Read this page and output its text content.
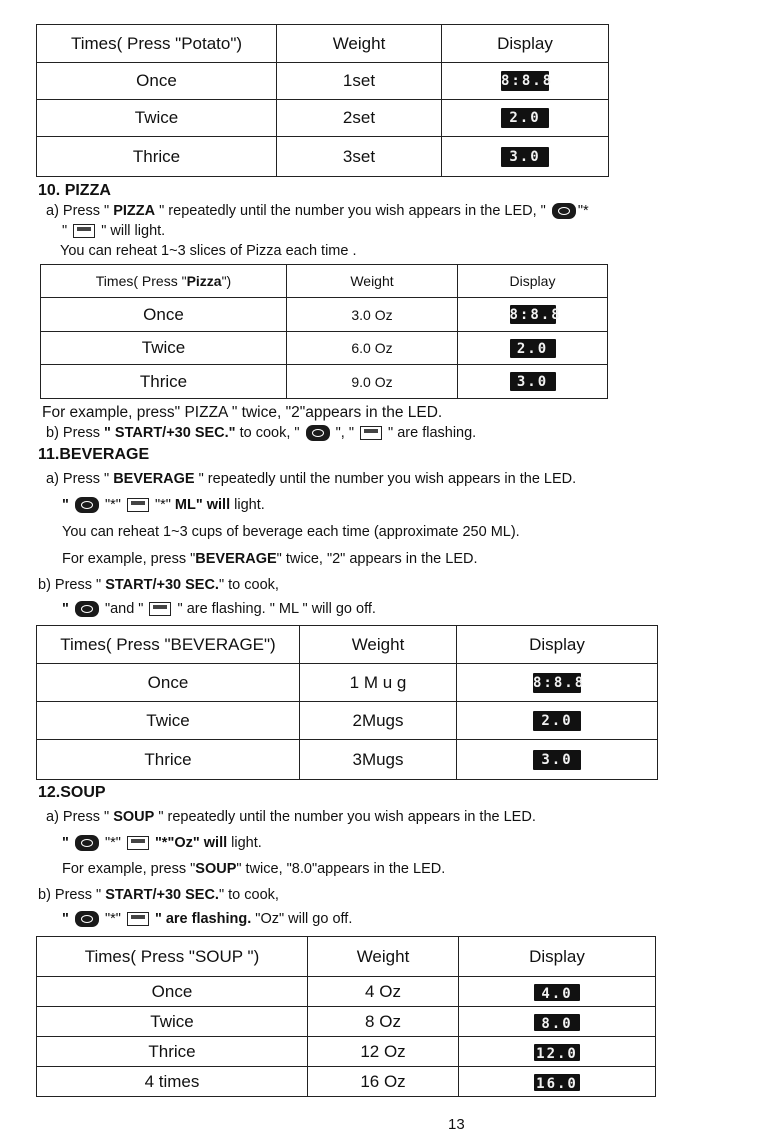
Times( Press "Potato")	Weight	Display
Once	1set	8:8.8

Twice	2set	2.0

Thrice	3set	3.0
10. PIZZA
a) Press " PIZZA " repeatedly until the number you wish appears in the LED, " "*
" " will light.
You can reheat 1~3 slices of Pizza each time .
Times( Press "Pizza")	Weight	Display
Once	3.0 Oz	8:8.8

Twice	6.0 Oz	2.0

Thrice	9.0 Oz	3.0
For example, press" PIZZA " twice, "2"appears in the LED.
b) Press " START/+30 SEC." to cook, " ", " " are flashing.
11.BEVERAGE
a) Press " BEVERAGE " repeatedly until the number you wish appears in the LED.
" "*" "*" ML" will light.
You can reheat 1~3 cups of beverage each time (approximate 250 ML).
For example, press "BEVERAGE" twice, "2" appears in the LED.
b) Press " START/+30 SEC." to cook,
" "and " " are flashing. " ML " will go off.
Times( Press "BEVERAGE")	Weight	Display
Once	1 M u g	8:8.8

Twice	2Mugs	2.0

Thrice	3Mugs	3.0
12.SOUP
a) Press " SOUP " repeatedly until the number you wish appears in the LED.
" "*" "*"Oz" will light.
For example, press "SOUP" twice, "8.0"appears in the LED.
b) Press " START/+30 SEC." to cook,
" "*" " are flashing. "Oz" will go off.
Times( Press "SOUP ")	Weight	Display
Once	4 Oz	4.0

Twice	8 Oz	8.0

Thrice	12 Oz	12.0

4 times	16 Oz	16.0
13
